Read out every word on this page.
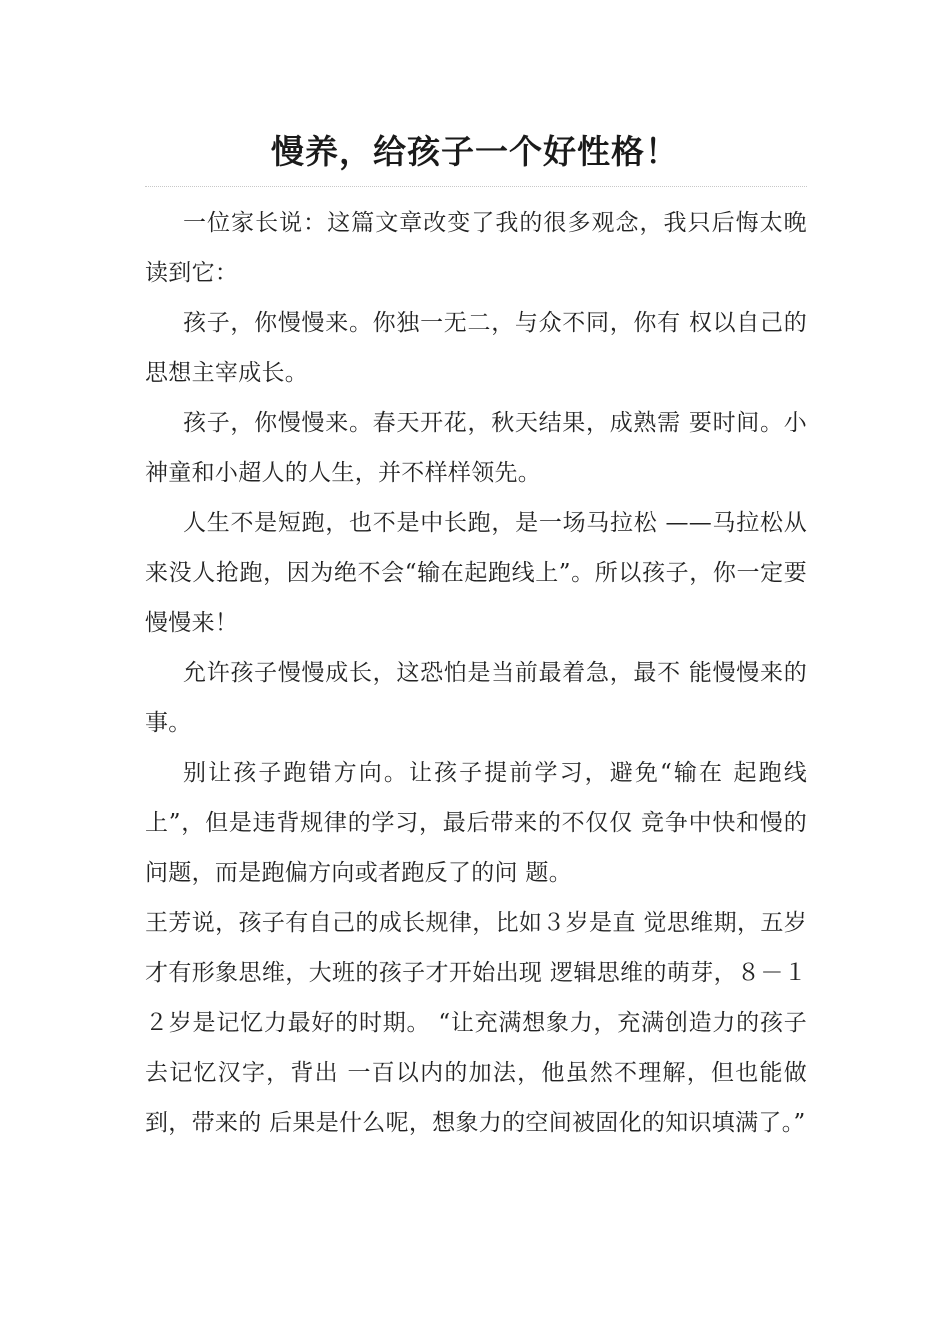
慢养，给孩子一个好性格！

一位家长说：这篇文章改变了我的很多观念，我只后悔太晚读到它：

孩子，你慢慢来。你独一无二，与众不同，你有 权以自己的思想主宰成长。

孩子，你慢慢来。春天开花，秋天结果，成熟需 要时间。小神童和小超人的人生，并不样样领先。

人生不是短跑，也不是中长跑，是一场马拉松 ——马拉松从来没人抢跑，因为绝不会“输在起跑线上”。所以孩子，你一定要慢慢来！

允许孩子慢慢成长，这恐怕是当前最着急，最不 能慢慢来的事。

别让孩子跑错方向。让孩子提前学习，避免“输在 起跑线上”，但是违背规律的学习，最后带来的不仅仅 竞争中快和慢的问题，而是跑偏方向或者跑反了的问 题。

王芳说，孩子有自己的成长规律，比如３岁是直 觉思维期，五岁才有形象思维，大班的孩子才开始出现 逻辑思维的萌芽，８－１２岁是记忆力最好的时期。 “让充满想象力，充满创造力的孩子去记忆汉字，背出 一百以内的加法，他虽然不理解，但也能做到，带来的 后果是什么呢，想象力的空间被固化的知识填满了。”
